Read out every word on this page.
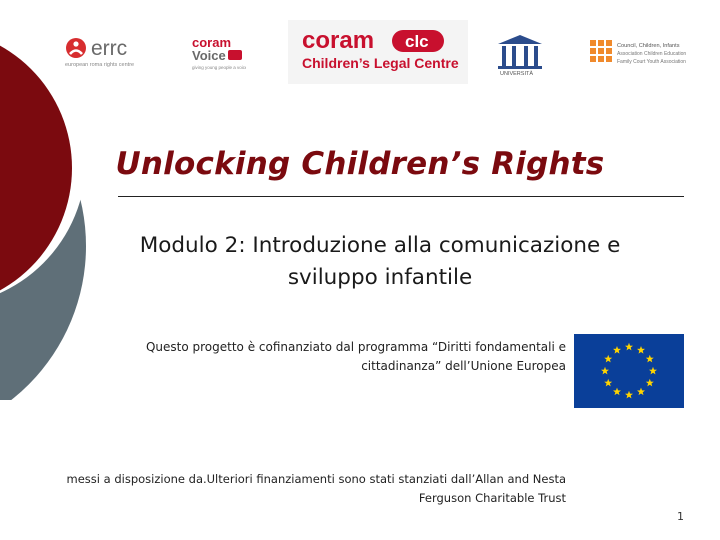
errc
european roma rights centre
coram
Voice
giving young people a voice
coram clc
Children’s Legal Centre
UNIVERSITÀ
Council, Children, Infants
Association Children Education
Family Court Youth Association
Unlocking Children’s Rights
Modulo 2: Introduzione alla comunicazione e
sviluppo infantile
Questo progetto è cofinanziato dal programma “Diritti fondamentali e
cittadinanza” dell’Unione Europea
messi a disposizione da.Ulteriori finanziamenti sono stati stanziati dall’Allan and Nesta
Ferguson Charitable Trust
1
